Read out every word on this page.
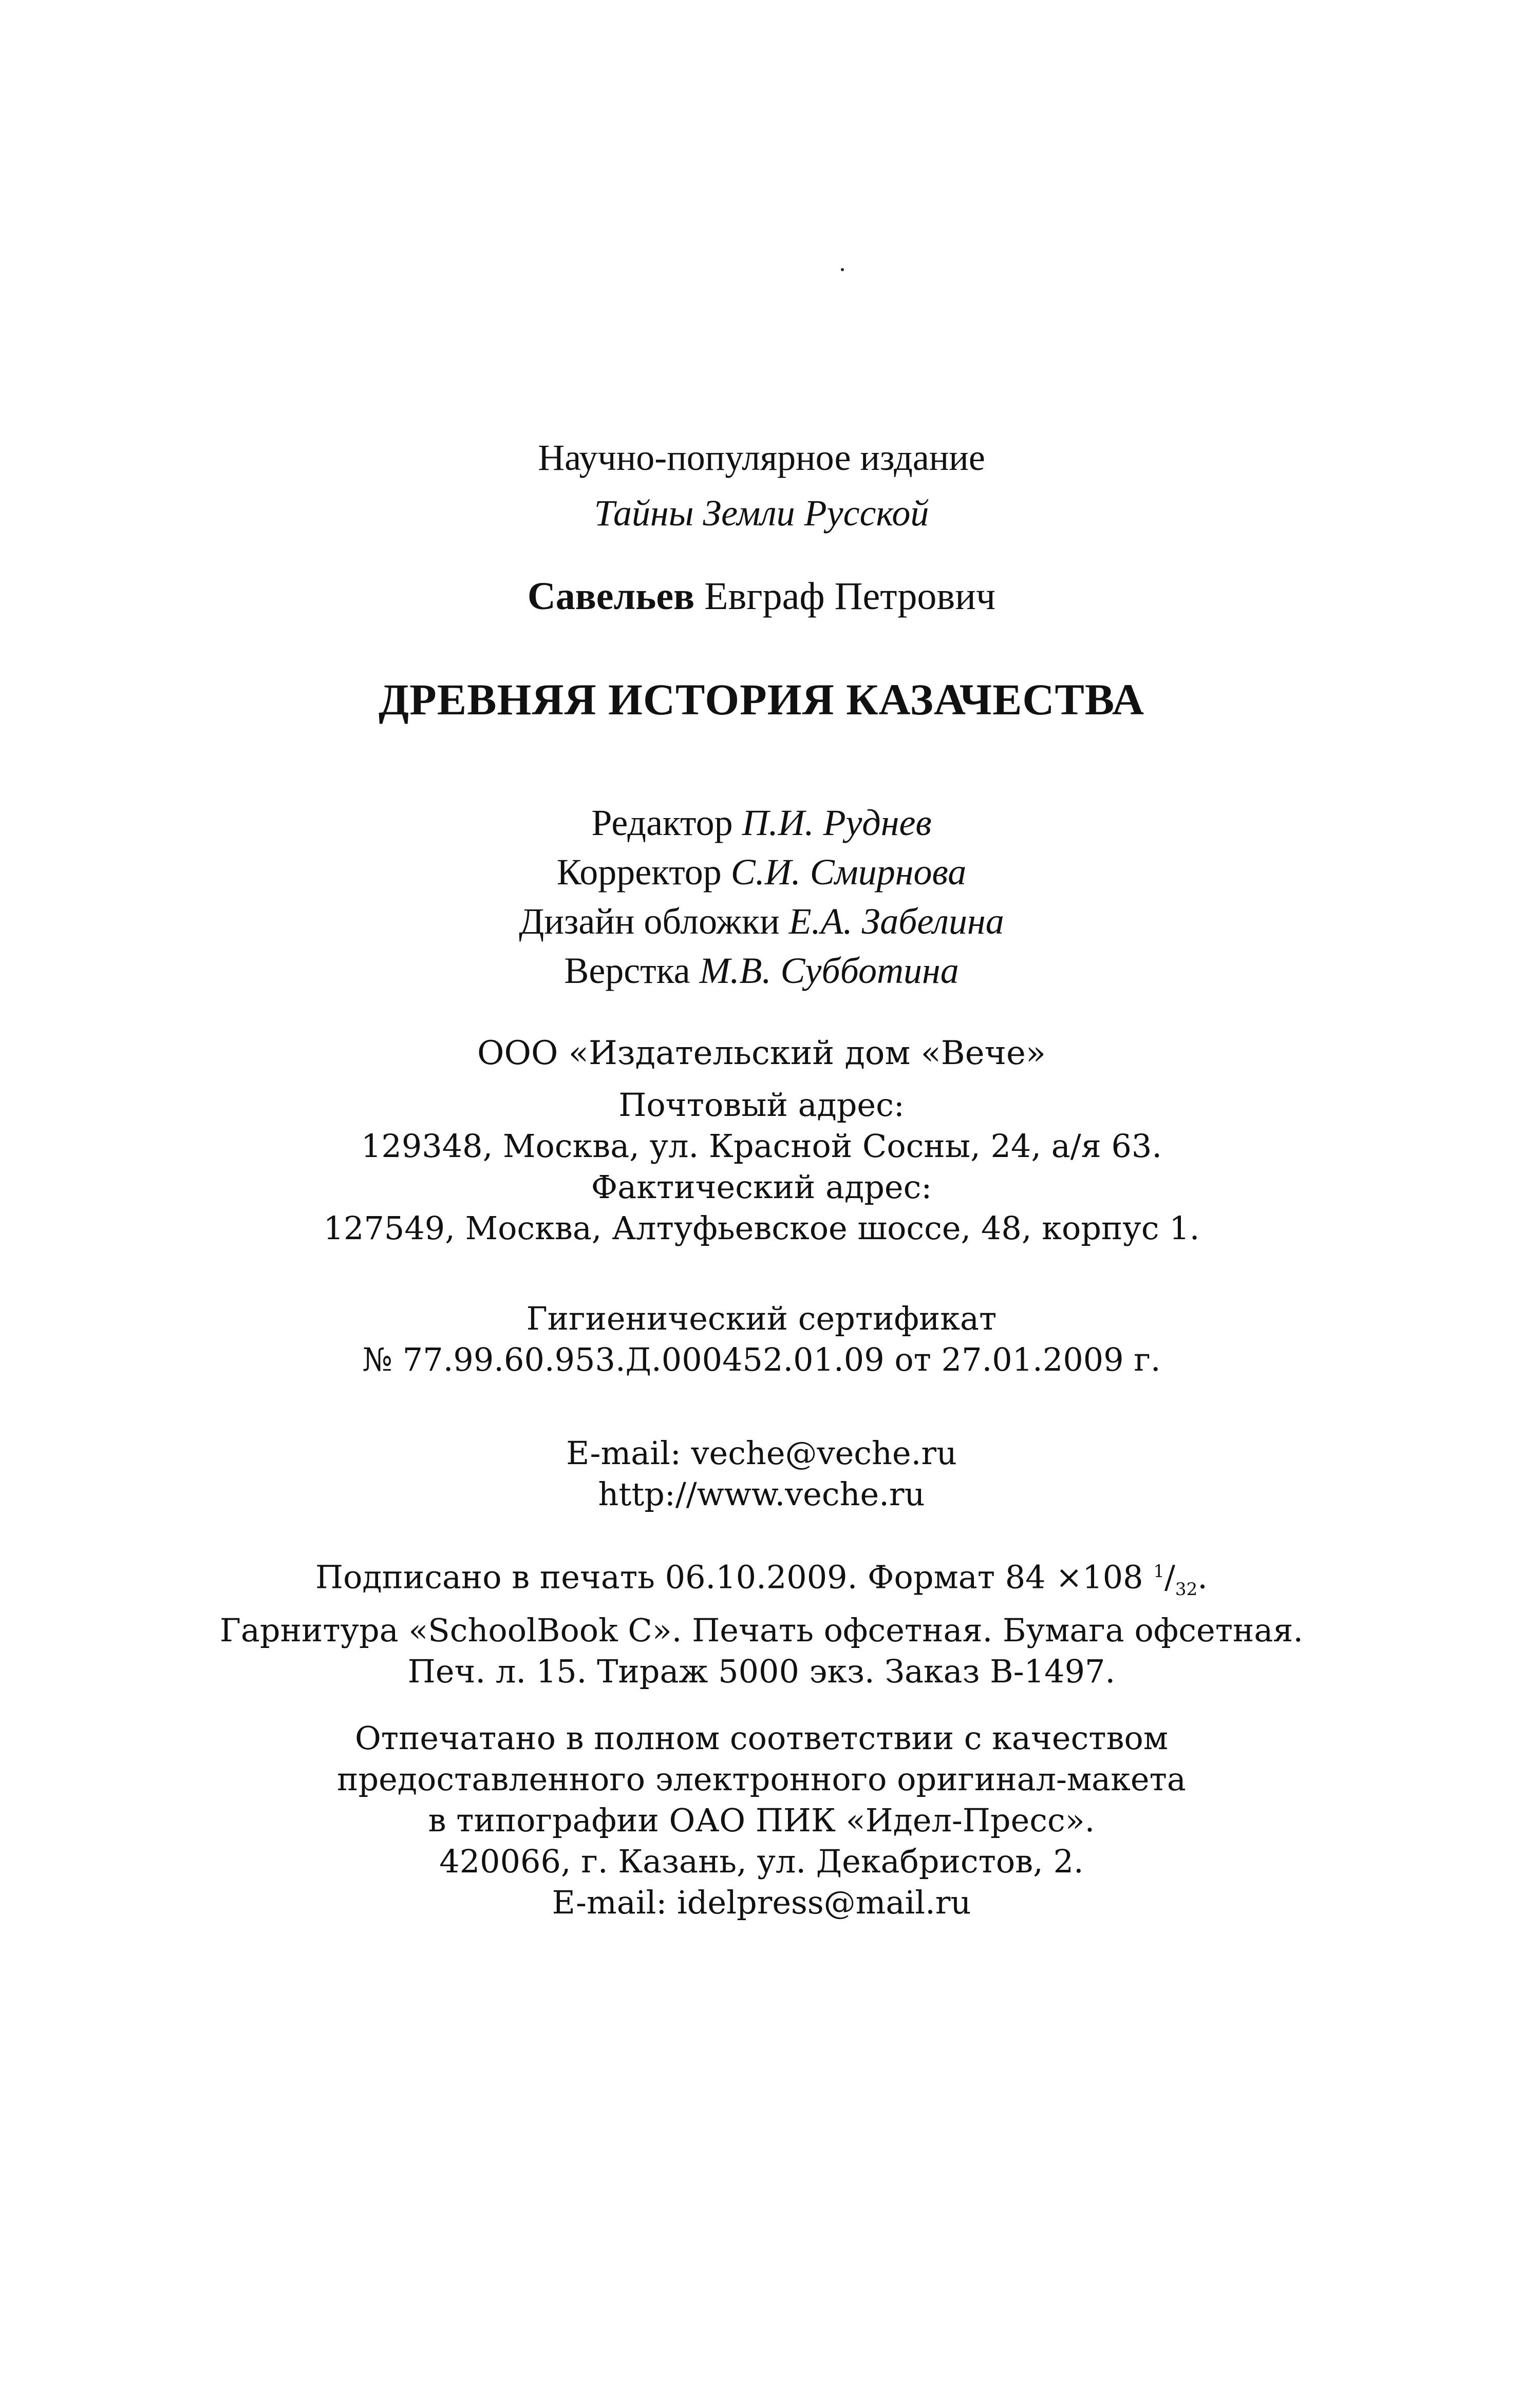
Научно-популярное издание
Тайны Земли Русской
Савельев Евграф Петрович
ДРЕВНЯЯ ИСТОРИЯ КАЗАЧЕСТВА
Редактор П.И. Руднев
Корректор С.И. Смирнова
Дизайн обложки Е.А. Забелина
Верстка М.В. Субботина
ООО «Издательский дом «Вече»
Почтовый адрес:
129348, Москва, ул. Красной Сосны, 24, а/я 63.
Фактический адрес:
127549, Москва, Алтуфьевское шоссе, 48, корпус 1.
Гигиенический сертификат
№ 77.99.60.953.Д.000452.01.09 от 27.01.2009 г.
E-mail: veche@veche.ru
http://www.veche.ru
Подписано в печать 06.10.2009. Формат 84 ×108 $^1/_{32}$.
Гарнитура «SchoolBook С». Печать офсетная. Бумага офсетная.
Печ. л. 15. Тираж 5000 экз. Заказ В-1497.
Отпечатано в полном соответствии с качеством
предоставленного электронного оригинал-макета
в типографии ОАО ПИК «Идел-Пресс».
420066, г. Казань, ул. Декабристов, 2.
E-mail: idelpress@mail.ru
